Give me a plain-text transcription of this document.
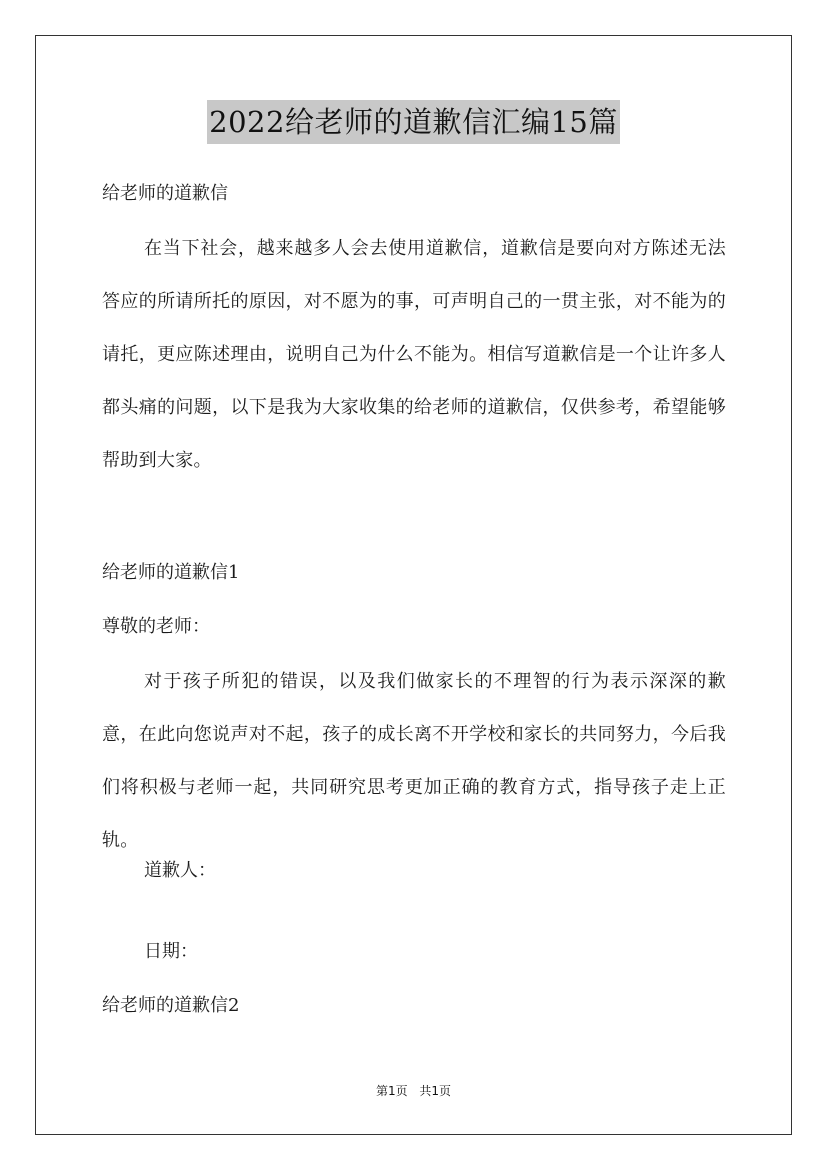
2022给老师的道歉信汇编15篇
给老师的道歉信
在当下社会，越来越多人会去使用道歉信，道歉信是要向对方陈述无法答应的所请所托的原因，对不愿为的事，可声明自己的一贯主张，对不能为的请托，更应陈述理由，说明自己为什么不能为。相信写道歉信是一个让许多人都头痛的问题，以下是我为大家收集的给老师的道歉信，仅供参考，希望能够帮助到大家。
给老师的道歉信1
尊敬的老师：
对于孩子所犯的错误，以及我们做家长的不理智的行为表示深深的歉意，在此向您说声对不起，孩子的成长离不开学校和家长的共同努力，今后我们将积极与老师一起，共同研究思考更加正确的教育方式，指导孩子走上正轨。
道歉人：
日期：
给老师的道歉信2
第1页 共1页
